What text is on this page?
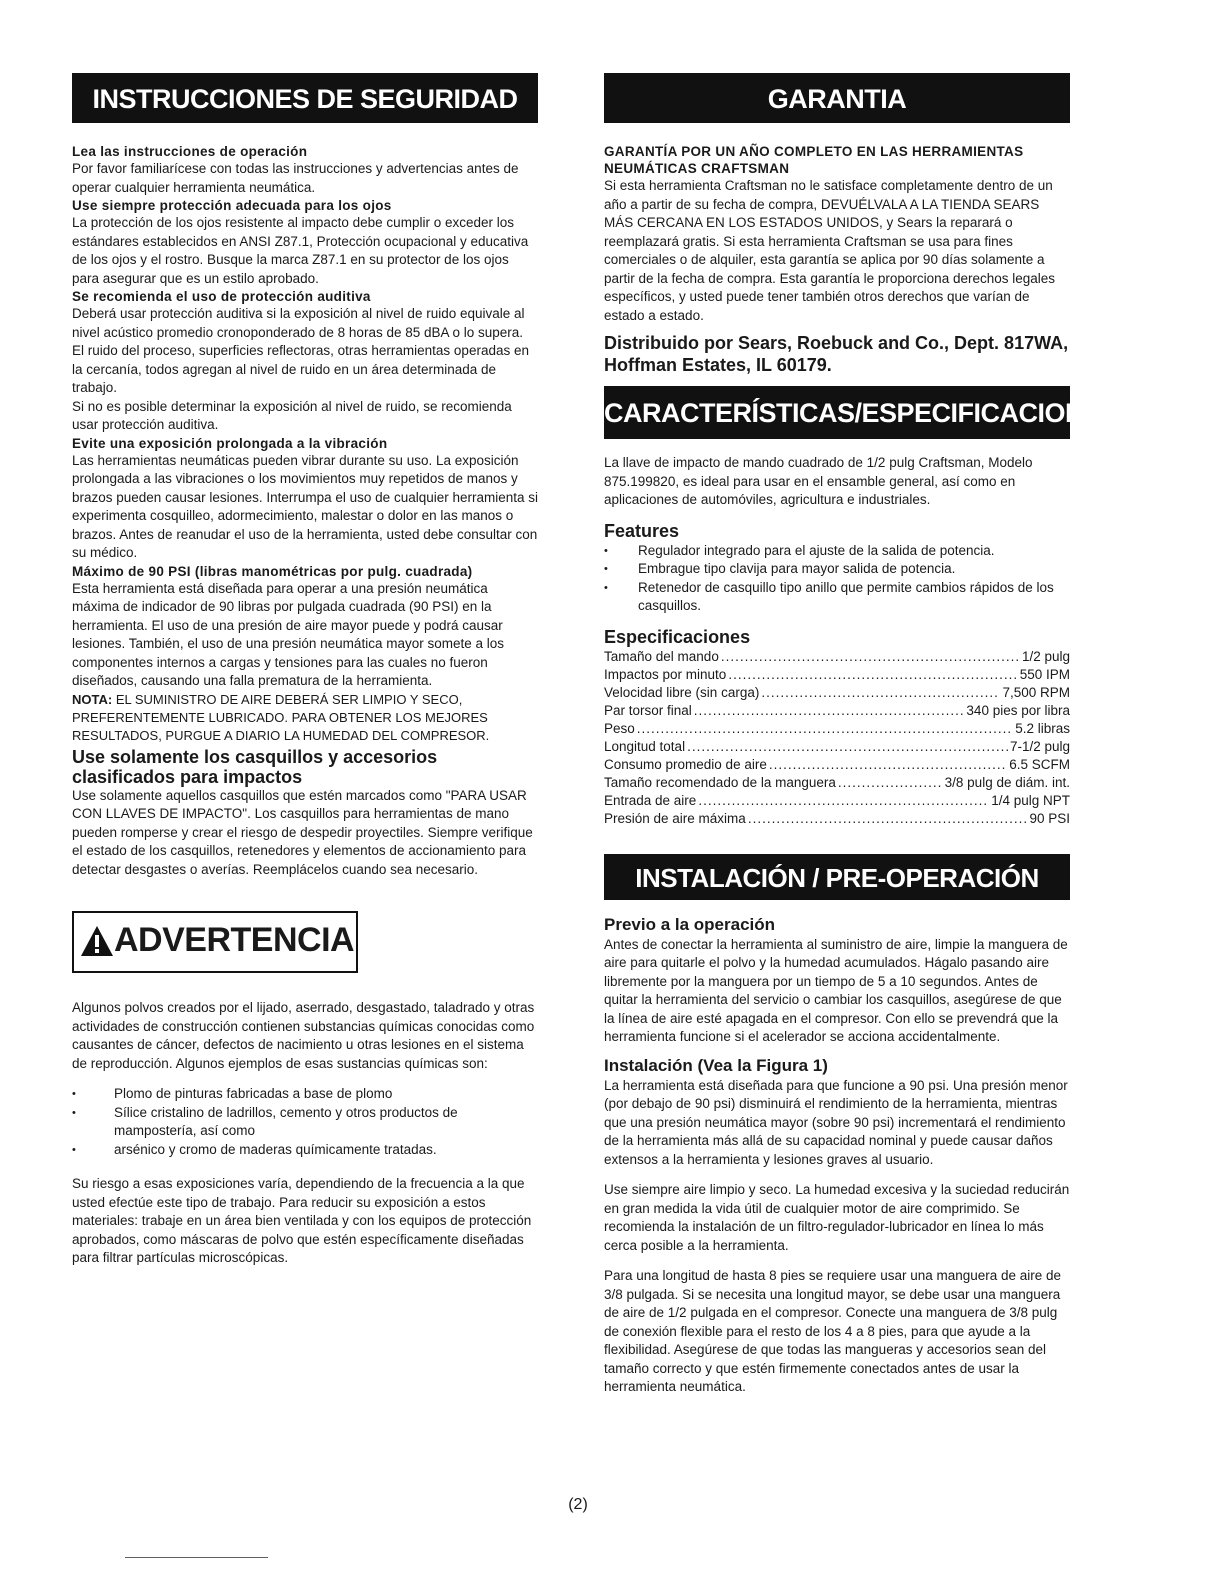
INSTRUCCIONES DE SEGURIDAD
Lea las instrucciones de operación
Por favor familiarícese con todas las instrucciones y advertencias antes de operar cualquier herramienta neumática.
Use siempre protección adecuada para los ojos
La protección de los ojos resistente al impacto debe cumplir o exceder los estándares establecidos en ANSI Z87.1, Protección ocupacional y educativa de los ojos y el rostro. Busque la marca Z87.1 en su protector de los ojos para asegurar que es un estilo aprobado.
Se recomienda el uso de protección auditiva
Deberá usar protección auditiva si la exposición al nivel de ruido equivale al nivel acústico promedio cronoponderado de 8 horas de 85 dBA o lo supera. El ruido del proceso, superficies reflectoras, otras herramientas operadas en la cercanía, todos agregan al nivel de ruido en un área determinada de trabajo.
Si no es posible determinar la exposición al nivel de ruido, se recomienda usar protección auditiva.
Evite una exposición prolongada a la vibración
Las herramientas neumáticas pueden vibrar durante su uso. La exposición prolongada a las vibraciones o los movimientos muy repetidos de manos y brazos pueden causar lesiones. Interrumpa el uso de cualquier herramienta si experimenta cosquilleo, adormecimiento, malestar o dolor en las manos o brazos. Antes de reanudar el uso de la herramienta, usted debe consultar con su médico.
Máximo de 90 PSI (libras manométricas por pulg. cuadrada)
Esta herramienta está diseñada para operar a una presión neumática máxima de indicador de 90 libras por pulgada cuadrada (90 PSI) en la herramienta. El uso de una presión de aire mayor puede y podrá causar lesiones. También, el uso de una presión neumática mayor somete a los componentes internos a cargas y tensiones para las cuales no fueron diseñados, causando una falla prematura de la herramienta.
NOTA: EL SUMINISTRO DE AIRE DEBERÁ SER LIMPIO Y SECO, PREFERENTEMENTE LUBRICADO. PARA OBTENER LOS MEJORES RESULTADOS, PURGUE A DIARIO LA HUMEDAD DEL COMPRESOR.
Use solamente los casquillos y accesorios clasificados para impactos
Use solamente aquellos casquillos que estén marcados como "PARA USAR CON LLAVES DE IMPACTO". Los casquillos para herramientas de mano pueden romperse y crear el riesgo de despedir proyectiles. Siempre verifique el estado de los casquillos, retenedores y elementos de accionamiento para detectar desgastes o averías. Reemplácelos cuando sea necesario.
ADVERTENCIA
Algunos polvos creados por el lijado, aserrado, desgastado, taladrado y otras actividades de construcción contienen substancias químicas conocidas como causantes de cáncer, defectos de nacimiento u otras lesiones en el sistema de reproducción. Algunos ejemplos de esas sustancias químicas son:
• Plomo de pinturas fabricadas a base de plomo
• Sílice cristalino de ladrillos, cemento y otros productos de mampostería, así como
• arsénico y cromo de maderas químicamente tratadas.
Su riesgo a esas exposiciones varía, dependiendo de la frecuencia a la que usted efectúe este tipo de trabajo. Para reducir su exposición a estos materiales: trabaje en un área bien ventilada y con los equipos de protección aprobados, como máscaras de polvo que estén específicamente diseñadas para filtrar partículas microscópicas.
GARANTIA
GARANTÍA POR UN AÑO COMPLETO EN LAS HERRAMIENTAS NEUMÁTICAS CRAFTSMAN
Si esta herramienta Craftsman no le satisface completamente dentro de un año a partir de su fecha de compra, DEVUÉLVALA A LA TIENDA SEARS MÁS CERCANA EN LOS ESTADOS UNIDOS, y Sears la reparará o reemplazará gratis. Si esta herramienta Craftsman se usa para fines comerciales o de alquiler, esta garantía se aplica por 90 días solamente a partir de la fecha de compra. Esta garantía le proporciona derechos legales específicos, y usted puede tener también otros derechos que varían de estado a estado.
Distribuido por Sears, Roebuck and Co., Dept. 817WA, Hoffman Estates, IL 60179.
CARACTERÍSTICAS/ESPECIFICACIONES
La llave de impacto de mando cuadrado de 1/2 pulg Craftsman, Modelo 875.199820, es ideal para usar en el ensamble general, así como en aplicaciones de automóviles, agricultura e industriales.
Features
• Regulador integrado para el ajuste de la salida de potencia.
• Embrague tipo clavija para mayor salida de potencia.
• Retenedor de casquillo tipo anillo que permite cambios rápidos de los casquillos.
Especificaciones
Tamaño del mando .....	1/2 pulg
Impactos por minuto .....	550 IPM
Velocidad libre (sin carga) .....	7,500 RPM
Par torsor final .....	340 pies por libra
Peso .....	5.2 libras
Longitud total .....	7-1/2 pulg
Consumo promedio de aire .....	6.5 SCFM
Tamaño recomendado de la manguera .....	3/8 pulg de diám. int.
Entrada de aire .....	1/4 pulg NPT
Presión de aire máxima .....	90 PSI
INSTALACIÓN / PRE-OPERACIÓN
Previo a la operación
Antes de conectar la herramienta al suministro de aire, limpie la manguera de aire para quitarle el polvo y la humedad acumulados. Hágalo pasando aire libremente por la manguera por un tiempo de 5 a 10 segundos. Antes de quitar la herramienta del servicio o cambiar los casquillos, asegúrese de que la línea de aire esté apagada en el compresor. Con ello se prevendrá que la herramienta funcione si el acelerador se acciona accidentalmente.
Instalación (Vea la Figura 1)
La herramienta está diseñada para que funcione a 90 psi. Una presión menor (por debajo de 90 psi) disminuirá el rendimiento de la herramienta, mientras que una presión neumática mayor (sobre 90 psi) incrementará el rendimiento de la herramienta más allá de su capacidad nominal y puede causar daños extensos a la herramienta y lesiones graves al usuario.
Use siempre aire limpio y seco. La humedad excesiva y la suciedad reducirán en gran medida la vida útil de cualquier motor de aire comprimido. Se recomienda la instalación de un filtro-regulador-lubricador en línea lo más cerca posible a la herramienta.
Para una longitud de hasta 8 pies se requiere usar una manguera de aire de 3/8 pulgada. Si se necesita una longitud mayor, se debe usar una manguera de aire de 1/2 pulgada en el compresor. Conecte una manguera de 3/8 pulg de conexión flexible para el resto de los 4 a 8 pies, para que ayude a la flexibilidad. Asegúrese de que todas las mangueras y accesorios sean del tamaño correcto y que estén firmemente conectados antes de usar la herramienta neumática.
(2)
